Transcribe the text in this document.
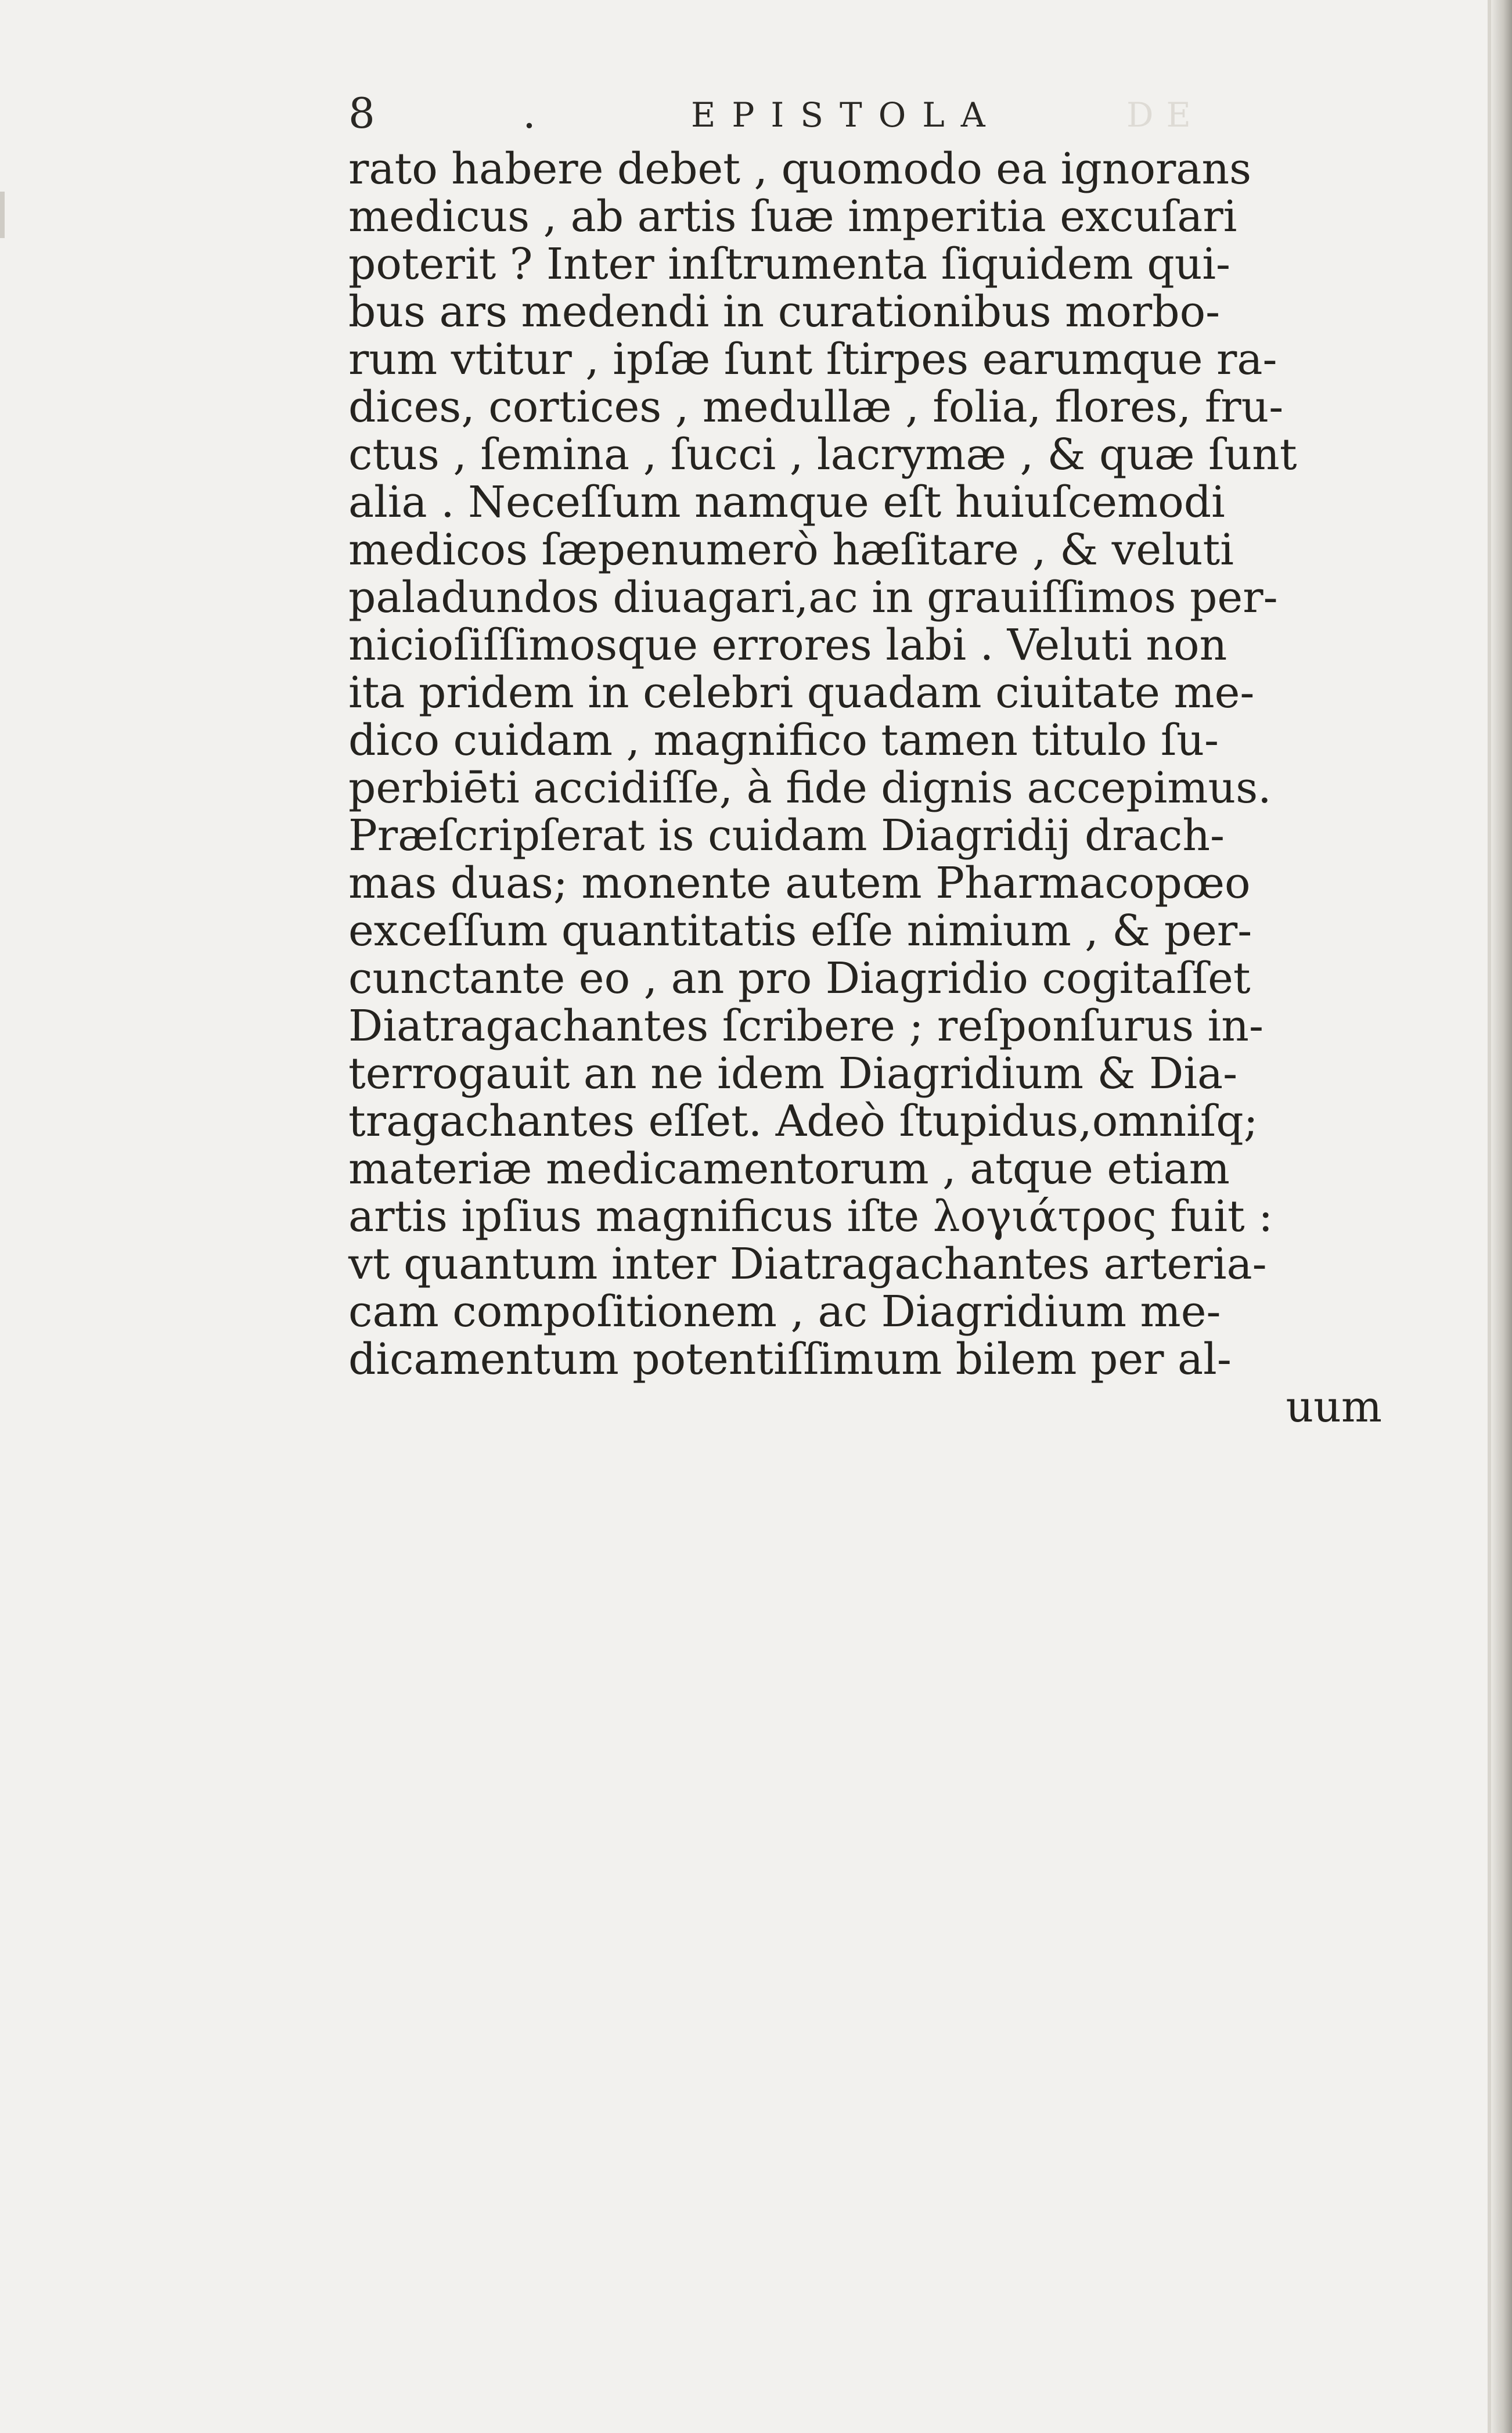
8	.	EPISTOLA	DE
rato habere debet , quomodo ea ignorans
medicus , ab artis ſuæ imperitia excuſari
poterit ? Inter inſtrumenta ſiquidem qui-
bus ars medendi in curationibus morbo-
rum vtitur , ipſæ ſunt ſtirpes earumque ra-
dices, cortices , medullæ , folia, flores, fru-
ctus , ſemina , ſucci , lacrymæ , & quæ ſunt
alia . Neceſſum namque eſt huiuſcemodi
medicos ſæpenumerò hæſitare , & veluti
paladundos diuagari,ac in grauiſſimos per-
nicioſiſſimosque errores labi . Veluti non
ita pridem in celebri quadam ciuitate me-
dico cuidam , magnifico tamen titulo ſu-
perbiēti accidiſſe, à fide dignis accepimus.
Præſcripſerat is cuidam Diagridij drach-
mas duas; monente autem Pharmacopœo
exceſſum quantitatis eſſe nimium , & per-
cunctante eo , an pro Diagridio cogitaſſet
Diatragachantes ſcribere ; reſponſurus in-
terrogauit an ne idem Diagridium & Dia-
tragachantes eſſet. Adeò ſtupidus,omniſq;
materiæ medicamentorum , atque etiam
artis ipſius magnificus iſte λογιάτρος fuit :
vt quantum inter Diatragachantes arteria-
cam compoſitionem , ac Diagridium me-
dicamentum potentiſſimum bilem per al-
uum
